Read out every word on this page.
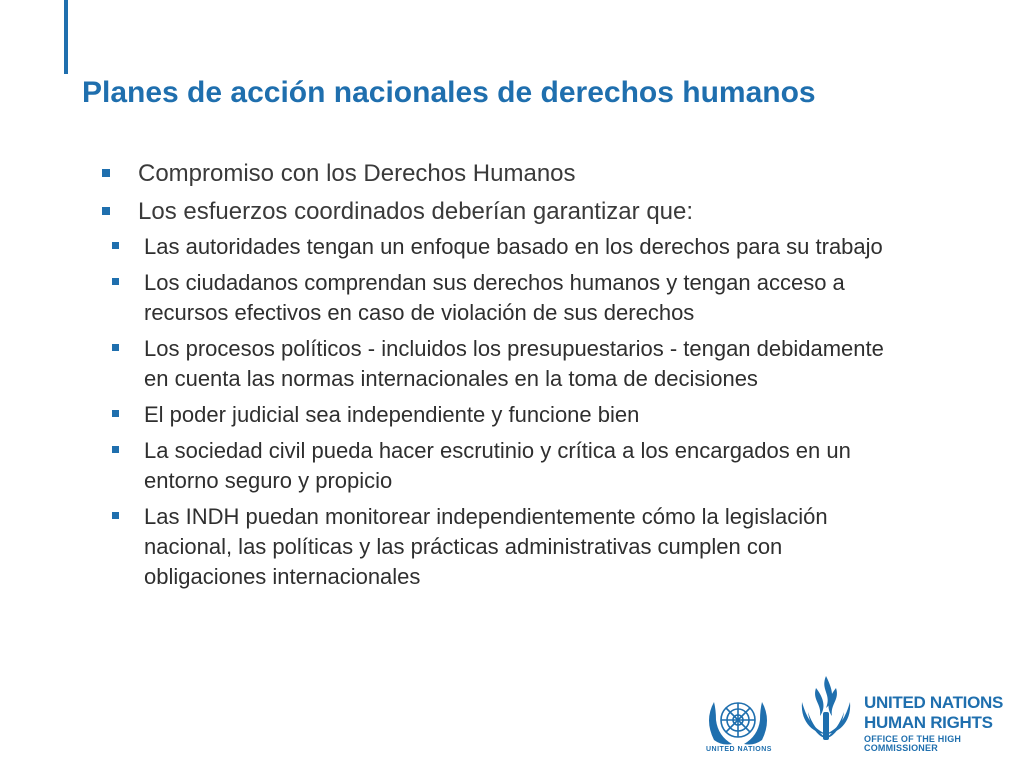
Planes de acción nacionales de derechos humanos
Compromiso con los Derechos Humanos
Los esfuerzos coordinados deberían garantizar que:
Las autoridades tengan un enfoque basado en los derechos para su trabajo
Los ciudadanos comprendan sus derechos humanos y tengan acceso a recursos efectivos en caso de violación de sus derechos
Los procesos políticos - incluidos los presupuestarios - tengan debidamente en cuenta las normas internacionales en la toma de decisiones
El poder judicial sea independiente y funcione bien
La sociedad civil pueda hacer escrutinio y crítica a los encargados en un entorno seguro y propicio
Las INDH puedan monitorear independientemente cómo la legislación nacional, las políticas y las prácticas administrativas cumplen con obligaciones internacionales
UNITED NATIONS
UNITED NATIONS
HUMAN RIGHTS
OFFICE OF THE HIGH COMMISSIONER
